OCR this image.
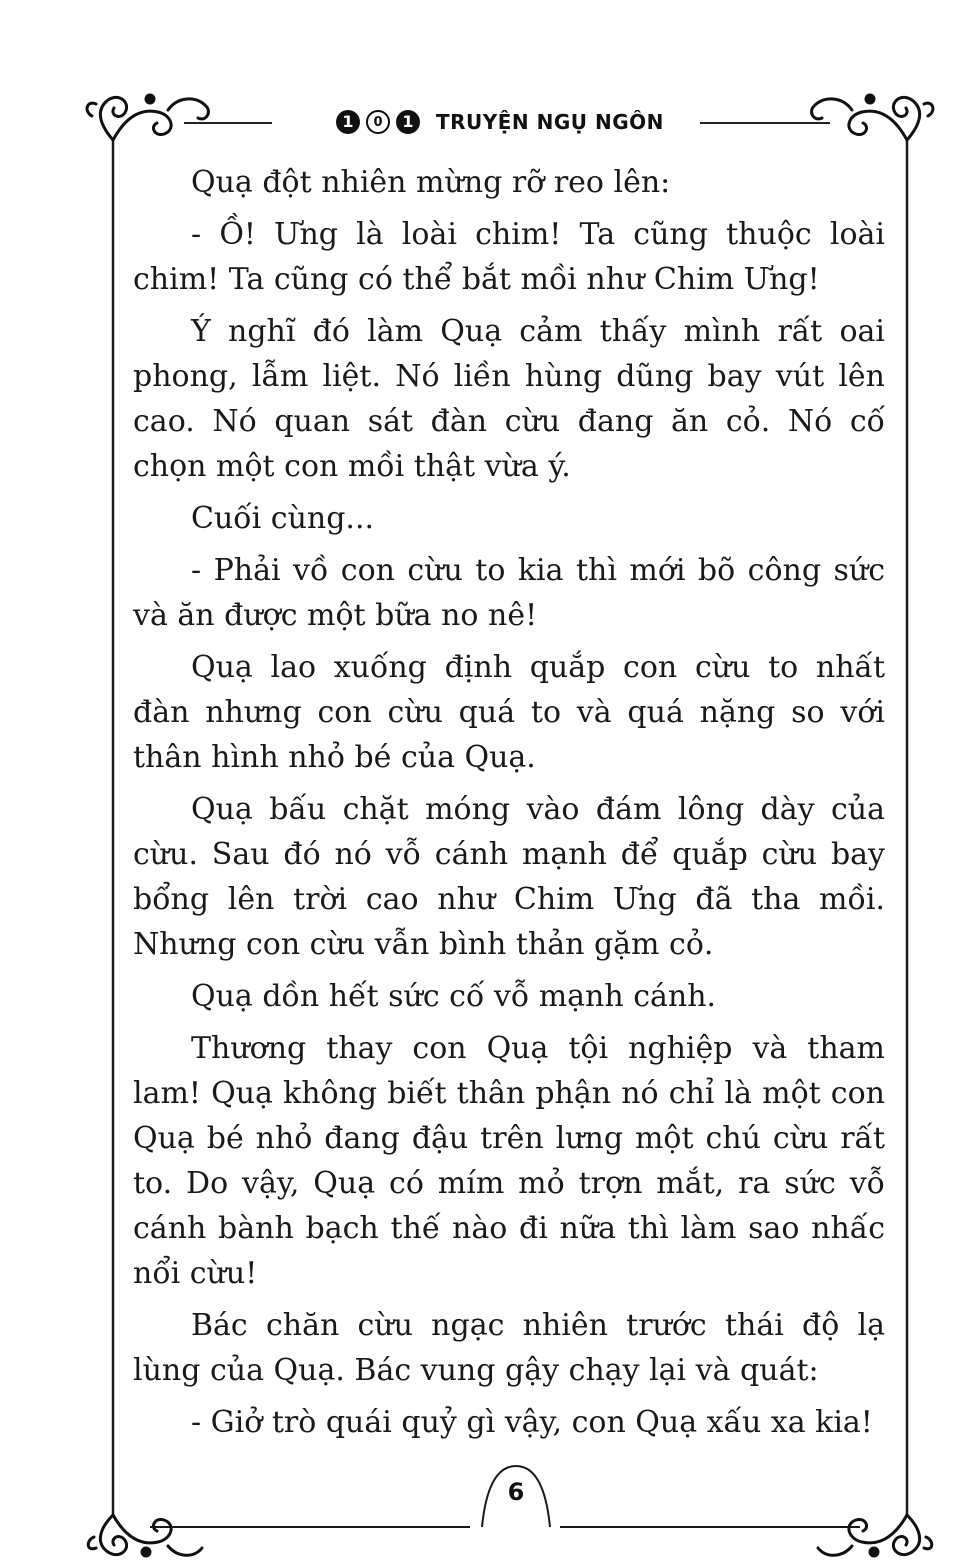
1	0	1	TRUYỆN NGỤ NGÔN

Quạ đột nhiên mừng rỡ reo lên:

- Ồ! Ưng là loài chim! Ta cũng thuộc loài chim! Ta cũng có thể bắt mồi như Chim Ưng!

Ý nghĩ đó làm Quạ cảm thấy mình rất oai phong, lẫm liệt. Nó liền hùng dũng bay vút lên cao. Nó quan sát đàn cừu đang ăn cỏ. Nó cố chọn một con mồi thật vừa ý.

Cuối cùng...

- Phải vồ con cừu to kia thì mới bõ công sức và ăn được một bữa no nê!

Quạ lao xuống định quắp con cừu to nhất đàn nhưng con cừu quá to và quá nặng so với thân hình nhỏ bé của Quạ.

Quạ bấu chặt móng vào đám lông dày của cừu. Sau đó nó vỗ cánh mạnh để quắp cừu bay bổng lên trời cao như Chim Ưng đã tha mồi. Nhưng con cừu vẫn bình thản gặm cỏ.

Quạ dồn hết sức cố vỗ mạnh cánh.

Thương thay con Quạ tội nghiệp và tham lam! Quạ không biết thân phận nó chỉ là một con Quạ bé nhỏ đang đậu trên lưng một chú cừu rất to. Do vậy, Quạ có mím mỏ trợn mắt, ra sức vỗ cánh bành bạch thế nào đi nữa thì làm sao nhấc nổi cừu!

Bác chăn cừu ngạc nhiên trước thái độ lạ lùng của Quạ. Bác vung gậy chạy lại và quát:

- Giở trò quái quỷ gì vậy, con Quạ xấu xa kia!

6
